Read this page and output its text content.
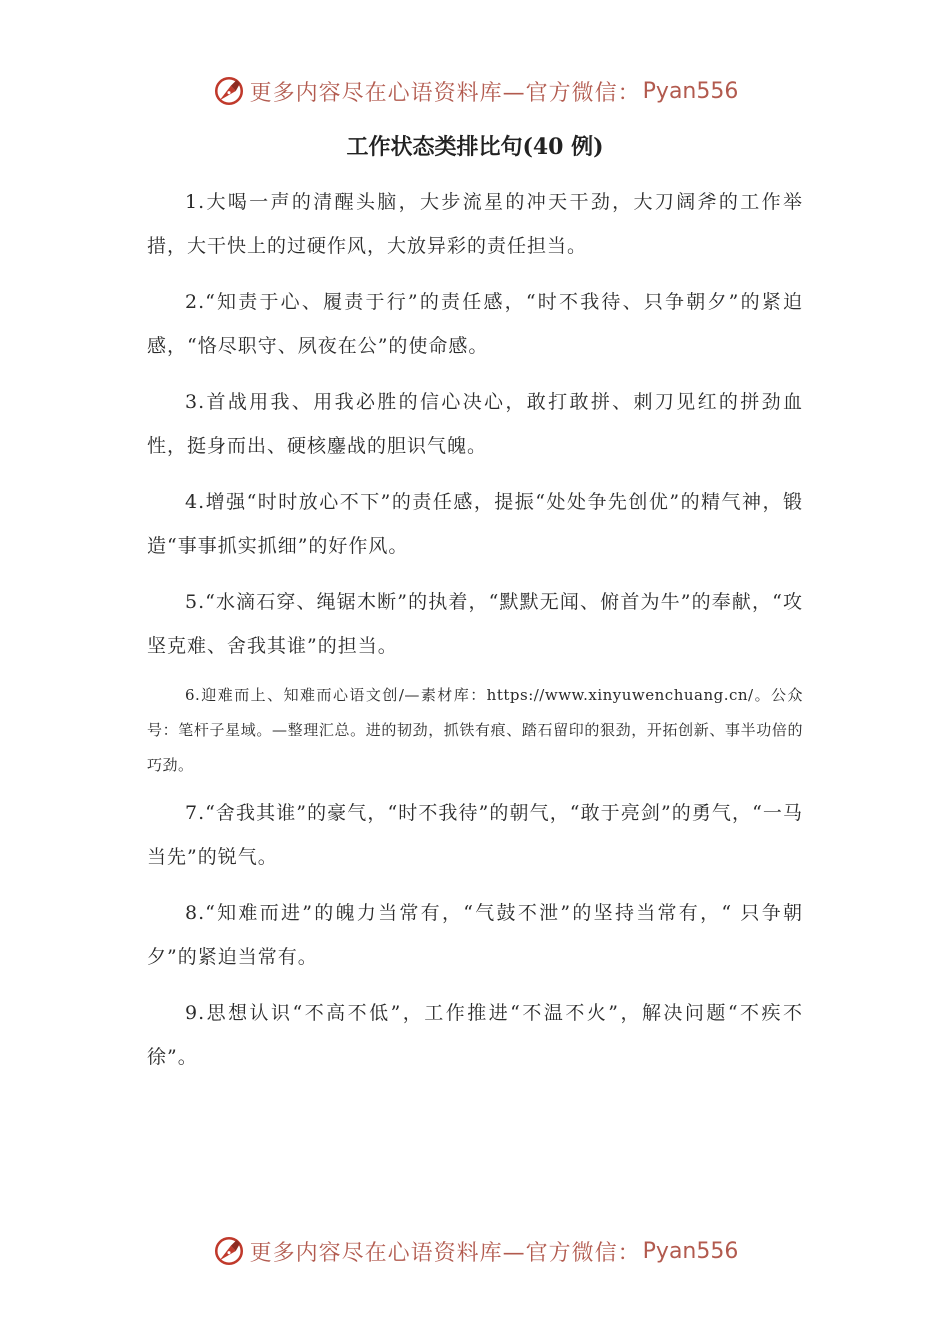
更多内容尽在心语资料库—官方微信： Pyan556
工作状态类排比句(40 例)

1.大喝一声的清醒头脑，大步流星的冲天干劲，大刀阔斧的工作举措，大干快上的过硬作风，大放异彩的责任担当。

2.“知责于心、履责于行”的责任感，“时不我待、只争朝夕”的紧迫感，“恪尽职守、夙夜在公”的使命感。

3.首战用我、用我必胜的信心决心，敢打敢拼、刺刀见红的拼劲血性，挺身而出、硬核鏖战的胆识气魄。

4.增强“时时放心不下”的责任感，提振“处处争先创优”的精气神，锻造“事事抓实抓细”的好作风。

5.“水滴石穿、绳锯木断”的执着，“默默无闻、俯首为牛”的奉献，“攻坚克难、舍我其谁”的担当。

6.迎难而上、知难而心语文创/—素材库：https://www.xinyuwenchuang.cn/。公众号：笔杆子星域。—整理汇总。进的韧劲，抓铁有痕、踏石留印的狠劲，开拓创新、事半功倍的巧劲。

7.“舍我其谁”的豪气，“时不我待”的朝气，“敢于亮剑”的勇气，“一马当先”的锐气。

8.“知难而进”的魄力当常有，“气鼓不泄”的坚持当常有，“ 只争朝夕”的紧迫当常有。

9.思想认识“不高不低”，工作推进“不温不火”，解决问题“不疾不徐”。

更多内容尽在心语资料库—官方微信： Pyan556
